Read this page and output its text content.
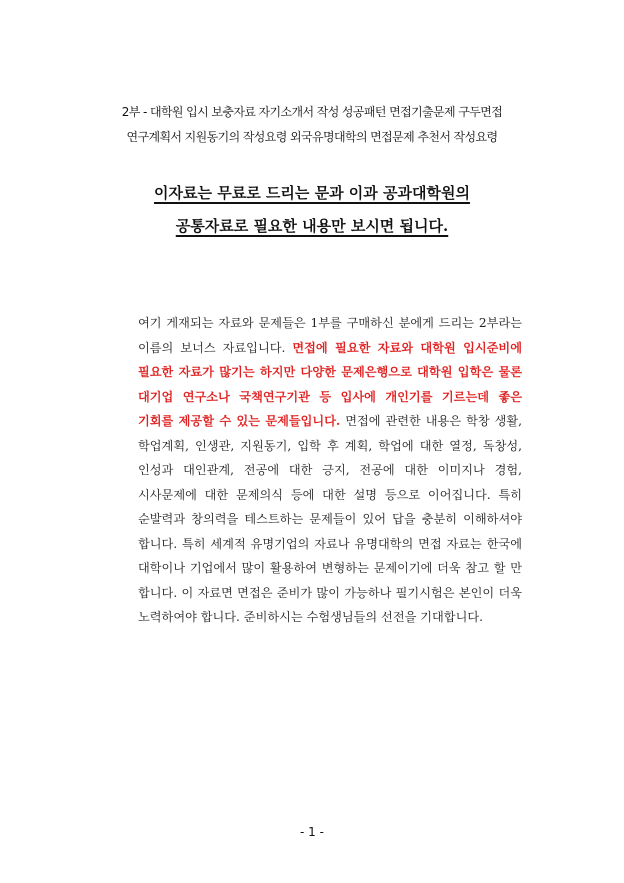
2부 - 대학원 입시 보충자료 자기소개서 작성 성공패턴 면접기출문제 구두면접
연구계획서 지원동기의 작성요령 외국유명대학의 면접문제 추천서 작성요령
이자료는 무료로 드리는 문과 이과 공과대학원의
공통자료로 필요한 내용만 보시면 됩니다.
여기 게재되는 자료와 문제들은 1부를 구매하신 분에게 드리는 2부라는 이름의 보너스 자료입니다. 면접에 필요한 자료와 대학원 입시준비에 필요한 자료가 많기는 하지만 다양한 문제은행으로 대학원 입학은 물론 대기업 연구소나 국책연구기관 등 입사에 개인기를 기르는데 좋은 기회를 제공할 수 있는 문제들입니다. 면접에 관련한 내용은 학창 생활, 학업계획, 인생관, 지원동기, 입학 후 계획, 학업에 대한 열정, 독창성, 인성과 대인관계, 전공에 대한 긍지, 전공에 대한 이미지나 경험, 시사문제에 대한 문제의식 등에 대한 설명 등으로 이어집니다. 특히 순발력과 창의력을 테스트하는 문제들이 있어 답을 충분히 이해하셔야 합니다. 특히 세계적 유명기업의 자료나 유명대학의 면접 자료는 한국에 대학이나 기업에서 많이 활용하여 변형하는 문제이기에 더욱 참고 할 만 합니다. 이 자료면 면접은 준비가 많이 가능하나 필기시험은 본인이 더욱 노력하여야 합니다. 준비하시는 수험생님들의 선전을 기대합니다.
- 1 -
